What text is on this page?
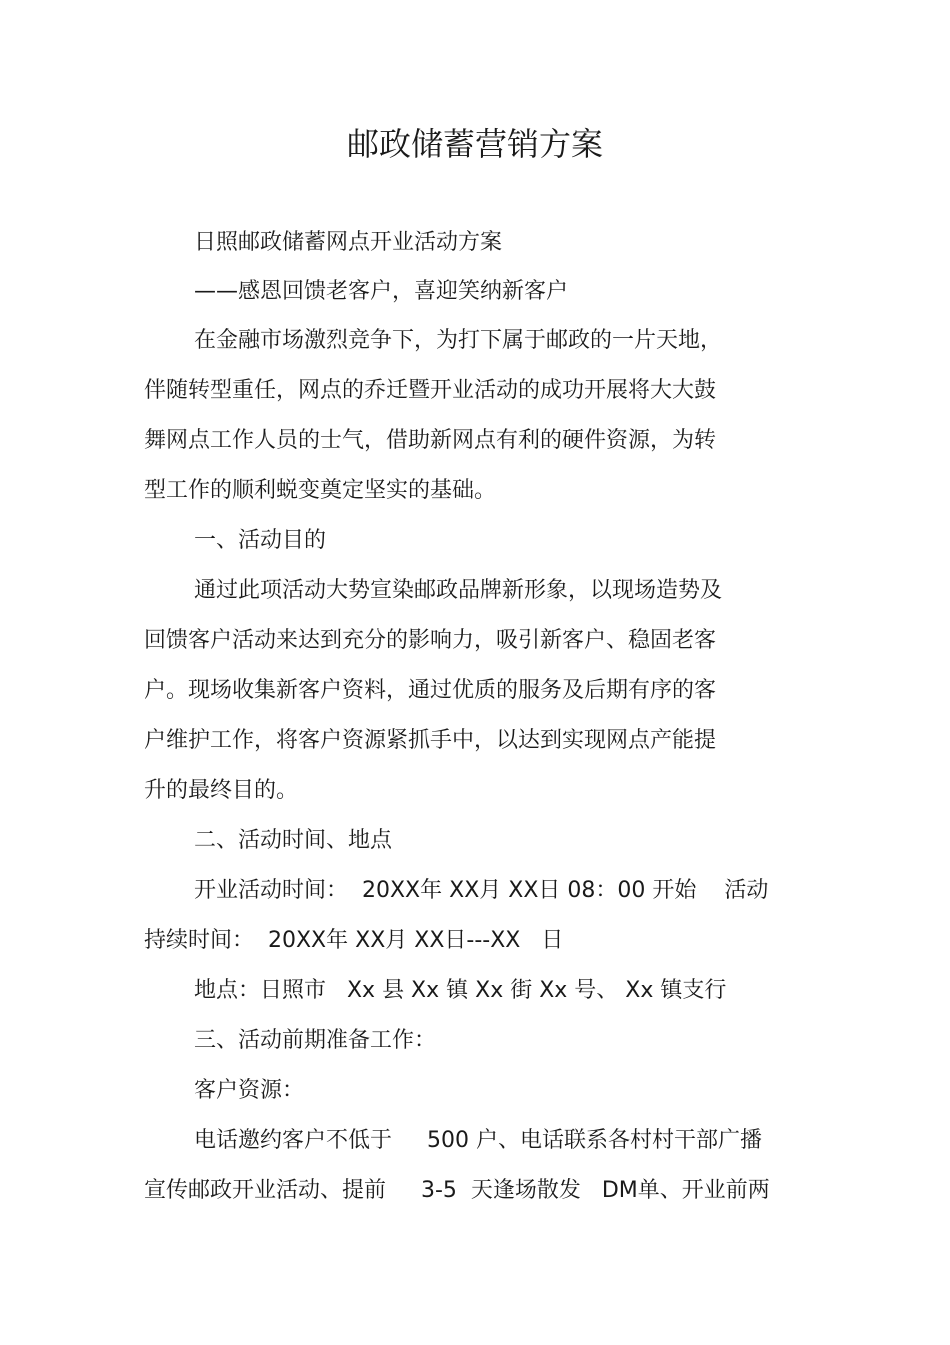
邮政储蓄营销方案

日照邮政储蓄网点开业活动方案

——感恩回馈老客户，喜迎笑纳新客户

在金融市场激烈竞争下，为打下属于邮政的一片天地，

伴随转型重任，网点的乔迁暨开业活动的成功开展将大大鼓

舞网点工作人员的士气，借助新网点有利的硬件资源，为转

型工作的顺利蜕变奠定坚实的基础。

一、活动目的

通过此项活动大势宣染邮政品牌新形象，以现场造势及

回馈客户活动来达到充分的影响力，吸引新客户、稳固老客

户。现场收集新客户资料，通过优质的服务及后期有序的客

户维护工作，将客户资源紧抓手中，以达到实现网点产能提

升的最终目的。

二、活动时间、地点

开业活动时间：  20XX年 XX月 XX日 08：00 开始    活动

持续时间：  20XX年 XX月 XX日---XX   日

地点：日照市   Xx 县 Xx 镇 Xx 街 Xx 号、 Xx 镇支行

三、活动前期准备工作：

客户资源：

电话邀约客户不低于     500 户、电话联系各村村干部广播

宣传邮政开业活动、提前     3-5  天逢场散发   DM单、开业前两
